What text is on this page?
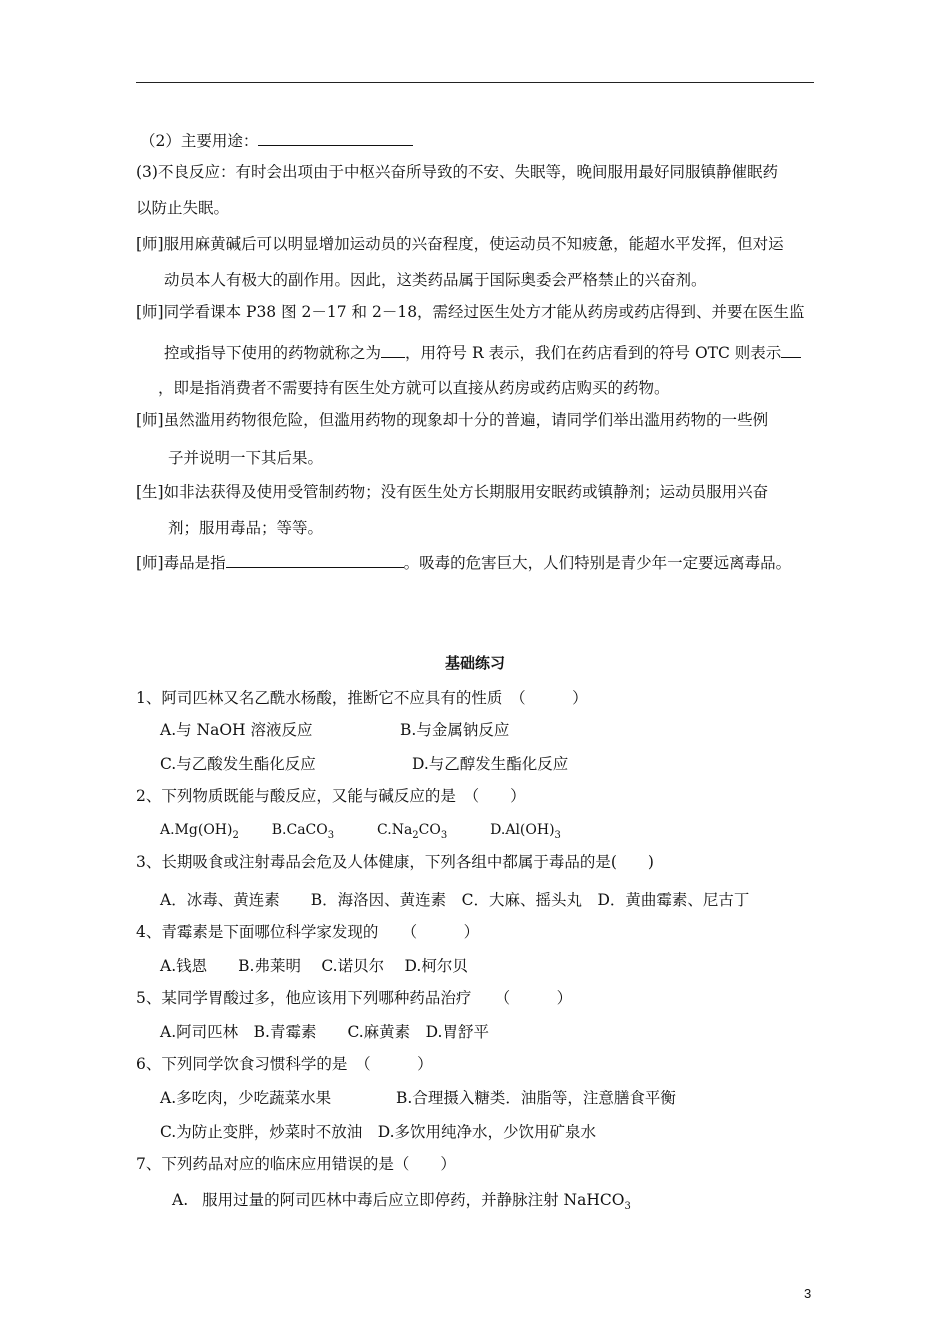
（2）主要用途：
(3)不良反应：有时会出项由于中枢兴奋所导致的不安、失眠等，晚间服用最好同服镇静催眠药
以防止失眠。
[师]服用麻黄碱后可以明显增加运动员的兴奋程度，使运动员不知疲惫，能超水平发挥，但对运
动员本人有极大的副作用。因此，这类药品属于国际奥委会严格禁止的兴奋剂。
[师]同学看课本 P38 图 2－17 和 2－18，需经过医生处方才能从药房或药店得到、并要在医生监
控或指导下使用的药物就称之为 ，用符号 R 表示，我们在药店看到的符号 OTC 则表示
，即是指消费者不需要持有医生处方就可以直接从药房或药店购买的药物。
[师]虽然滥用药物很危险，但滥用药物的现象却十分的普遍，请同学们举出滥用药物的一些例
子并说明一下其后果。
[生]如非法获得及使用受管制药物；没有医生处方长期服用安眠药或镇静剂；运动员服用兴奋
剂；服用毒品；等等。
[师]毒品是指	。吸毒的危害巨大，人们特别是青少年一定要远离毒品。
基础练习
1、阿司匹林又名乙酰水杨酸，推断它不应具有的性质　（　　　）
A.与 NaOH 溶液反应	B.与金属钠反应
C.与乙酸发生酯化反应	D.与乙醇发生酯化反应
2、下列物质既能与酸反应，又能与碱反应的是　（　　）
$A.Mg(OH)_2$ B.CaCO$_3$	$C.Na_2CO_3$	$D.Al(OH)_3$
3、长期吸食或注射毒品会危及人体健康，下列各组中都属于毒品的是(　　)
A．冰毒、黄连素　　B．海洛因、黄连素　C．大麻、摇头丸　D．黄曲霉素、尼古丁
4、青霉素是下面哪位科学家发现的　　（　　　）
A.钱恩　　B.弗莱明　 C.诺贝尔　 D.柯尔贝
5、某同学胃酸过多，他应该用下列哪种药品治疗　　（　　　）
A.阿司匹林　B.青霉素　　C.麻黄素　D.胃舒平
6、下列同学饮食习惯科学的是　（　　　）
A.多吃肉，少吃蔬菜水果	B.合理摄入糖类．油脂等，注意膳食平衡
C.为防止变胖，炒菜时不放油　D.多饮用纯净水，少饮用矿泉水
7、下列药品对应的临床应用错误的是（　　）
A. 服用过量的阿司匹林中毒后应立即停药，并静脉注射 NaHCO$_3$
3
